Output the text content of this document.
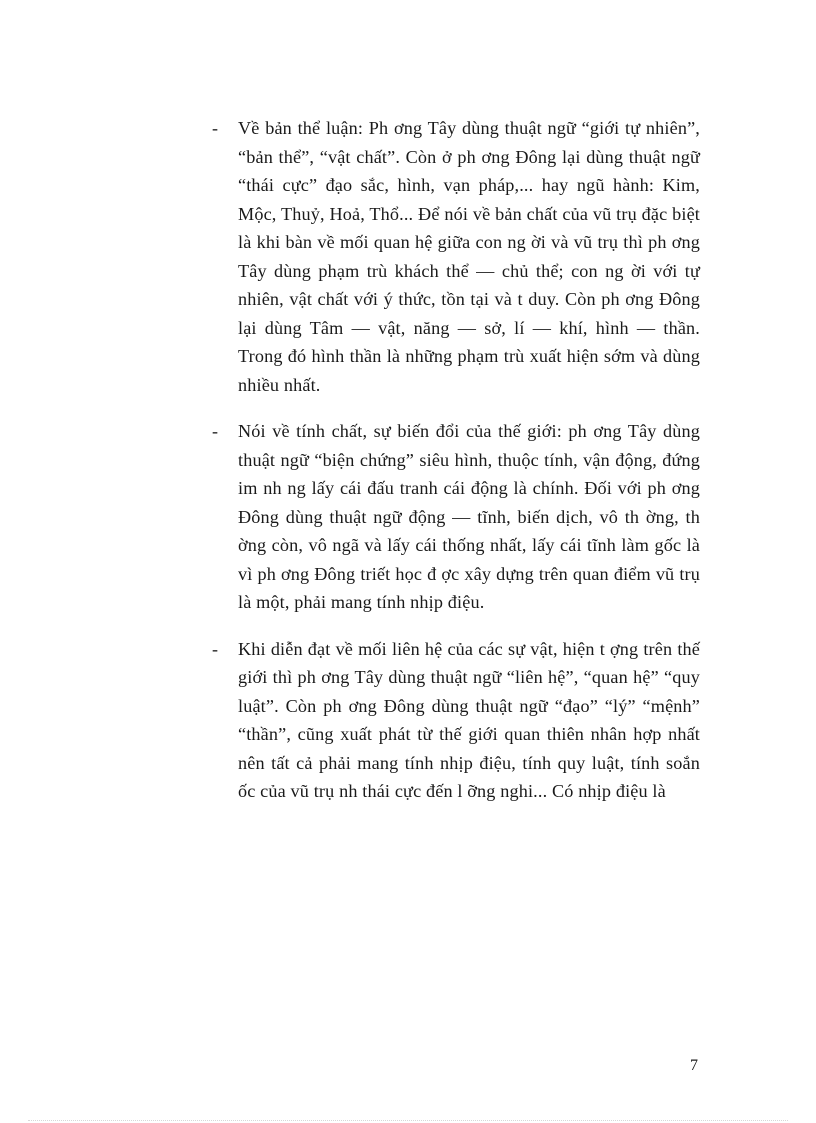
- Về bản thể luận: Ph ơng Tây dùng thuật ngữ “giới tự nhiên”, “bản thể”, “vật chất”. Còn ở ph ơng Đông lại dùng thuật ngữ “thái cực” đạo sắc, hình, vạn pháp,... hay ngũ hành: Kim, Mộc, Thuỷ, Hoả, Thổ... Để nói về bản chất của vũ trụ đặc biệt là khi bàn về mối quan hệ giữa con ng ời và vũ trụ thì ph ơng Tây dùng phạm trù khách thể — chủ thể; con ng ời với tự nhiên, vật chất với ý thức, tồn tại và t duy. Còn ph ơng Đông lại dùng Tâm — vật, năng — sở, lí — khí, hình — thần. Trong đó hình thần là những phạm trù xuất hiện sớm và dùng nhiều nhất.

- Nói về tính chất, sự biến đổi của thế giới: ph ơng Tây dùng thuật ngữ “biện chứng” siêu hình, thuộc tính, vận động, đứng im nh ng lấy cái đấu tranh cái động là chính. Đối với ph ơng Đông dùng thuật ngữ động — tĩnh, biến dịch, vô th ờng, th ờng còn, vô ngã và lấy cái thống nhất, lấy cái tĩnh làm gốc là vì ph ơng Đông triết học đ ợc xây dựng trên quan điểm vũ trụ là một, phải mang tính nhịp điệu.

- Khi diễn đạt về mối liên hệ của các sự vật, hiện t ợng trên thế giới thì ph ơng Tây dùng thuật ngữ “liên hệ”, “quan hệ” “quy luật”. Còn ph ơng Đông dùng thuật ngữ “đạo” “lý” “mệnh” “thần”, cũng xuất phát từ thế giới quan thiên nhân hợp nhất nên tất cả phải mang tính nhịp điệu, tính quy luật, tính soắn ốc của vũ trụ nh thái cực đến l ỡng nghi... Có nhịp điệu là

7
